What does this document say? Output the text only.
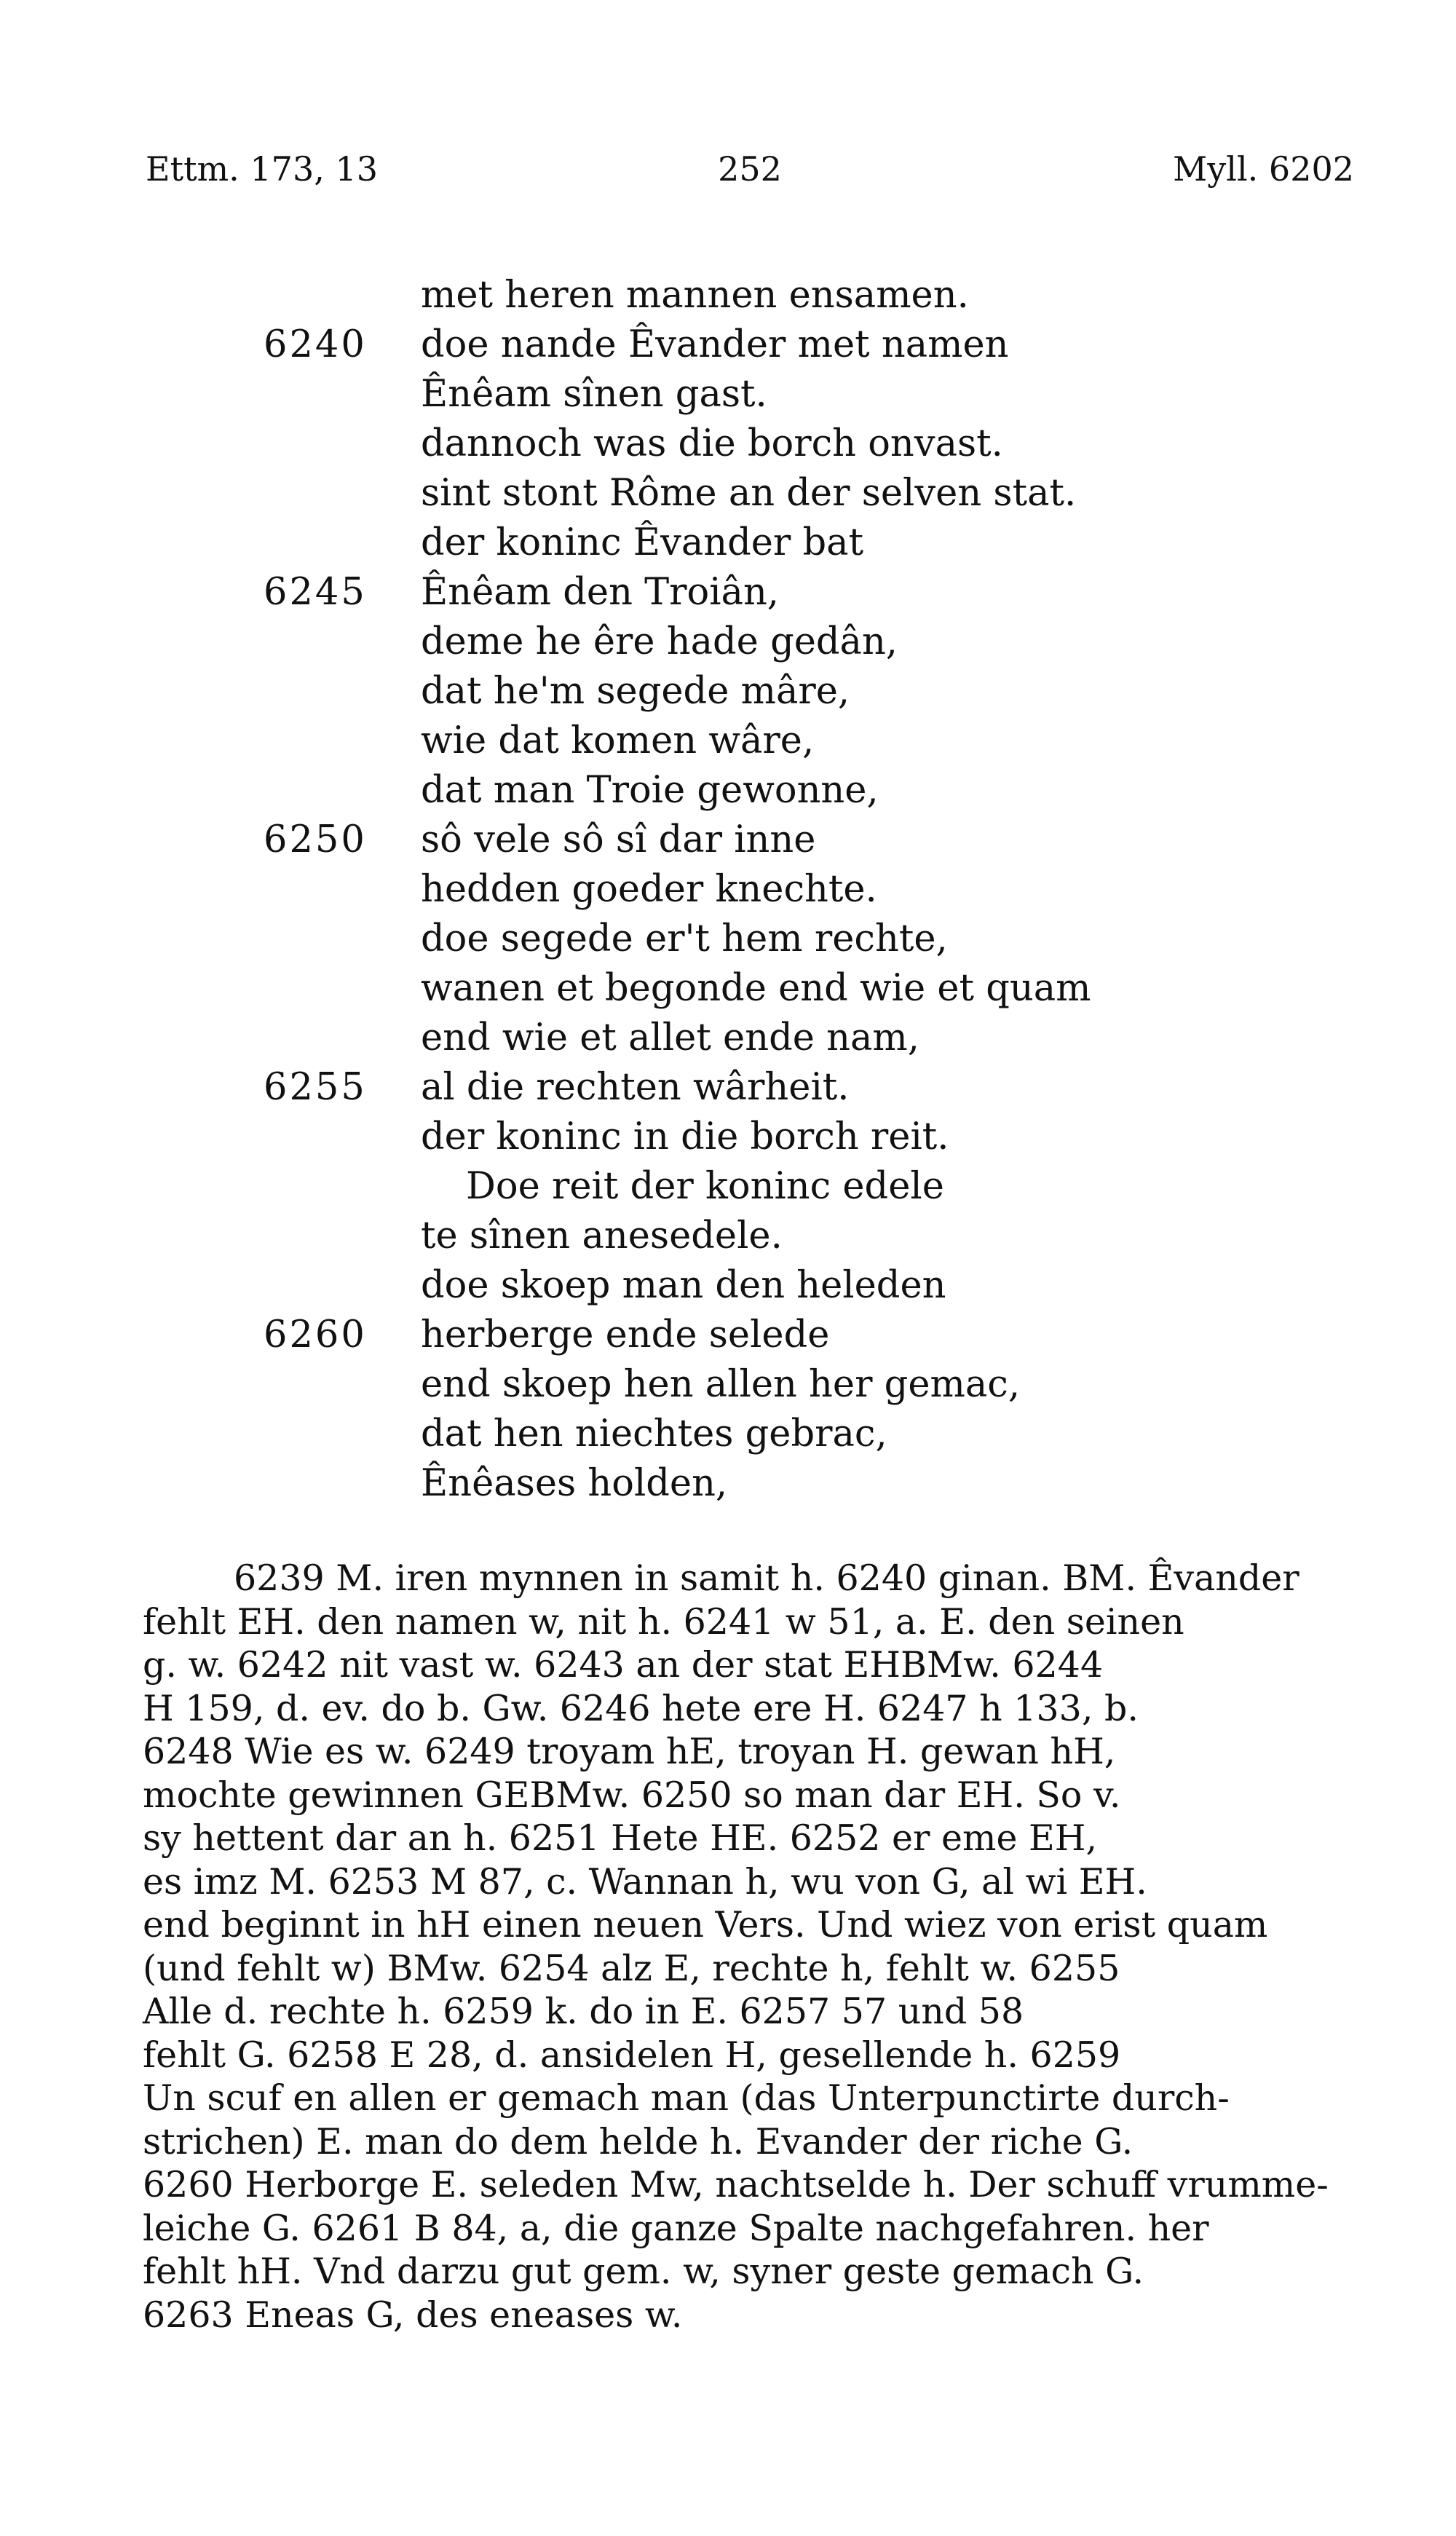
Ettm. 173, 13	252	Myll. 6202
met heren mannen ensamen.
6240 doe nande Êvander met namen
Ênêam sînen gast.
dannoch was die borch onvast.
sint stont Rôme an der selven stat.
der koninc Êvander bat
6245 Ênêam den Troiân,
deme he êre hade gedân,
dat he'm segede mâre,
wie dat komen wâre,
dat man Troie gewonne,
6250 sô vele sô sî dar inne
hedden goeder knechte.
doe segede er't hem rechte,
wanen et begonde end wie et quam
end wie et allet ende nam,
6255 al die rechten wârheit.
der koninc in die borch reit.
Doe reit der koninc edele
te sînen anesedele.
doe skoep man den heleden
6260 herberge ende selede
end skoep hen allen her gemac,
dat hen niechtes gebrac,
Ênêases holden,
6239 M. iren mynnen in samit h. 6240 ginan. BM. Êvander
fehlt EH. den namen w, nit h. 6241 w 51, a. E. den seinen
g. w. 6242 nit vast w. 6243 an der stat EHBMw. 6244
H 159, d. ev. do b. Gw. 6246 hete ere H. 6247 h 133, b.
6248 Wie es w. 6249 troyam hE, troyan H. gewan hH,
mochte gewinnen GEBMw. 6250 so man dar EH. So v.
sy hettent dar an h. 6251 Hete HE. 6252 er eme EH,
es imz M. 6253 M 87, c. Wannan h, wu von G, al wi EH.
end beginnt in hH einen neuen Vers. Und wiez von erist quam
(und fehlt w) BMw. 6254 alz E, rechte h, fehlt w. 6255
Alle d. rechte h. 6259 k. do in E. 6257 57 und 58
fehlt G. 6258 E 28, d. ansidelen H, gesellende h. 6259
Un scuf en allen er gemach man (das Unterpunctirte durch-
strichen) E. man do dem helde h. Evander der riche G.
6260 Herborge E. seleden Mw, nachtselde h. Der schuff vrumme-
leiche G. 6261 B 84, a, die ganze Spalte nachgefahren. her
fehlt hH. Vnd darzu gut gem. w, syner geste gemach G.
6263 Eneas G, des eneases w.
